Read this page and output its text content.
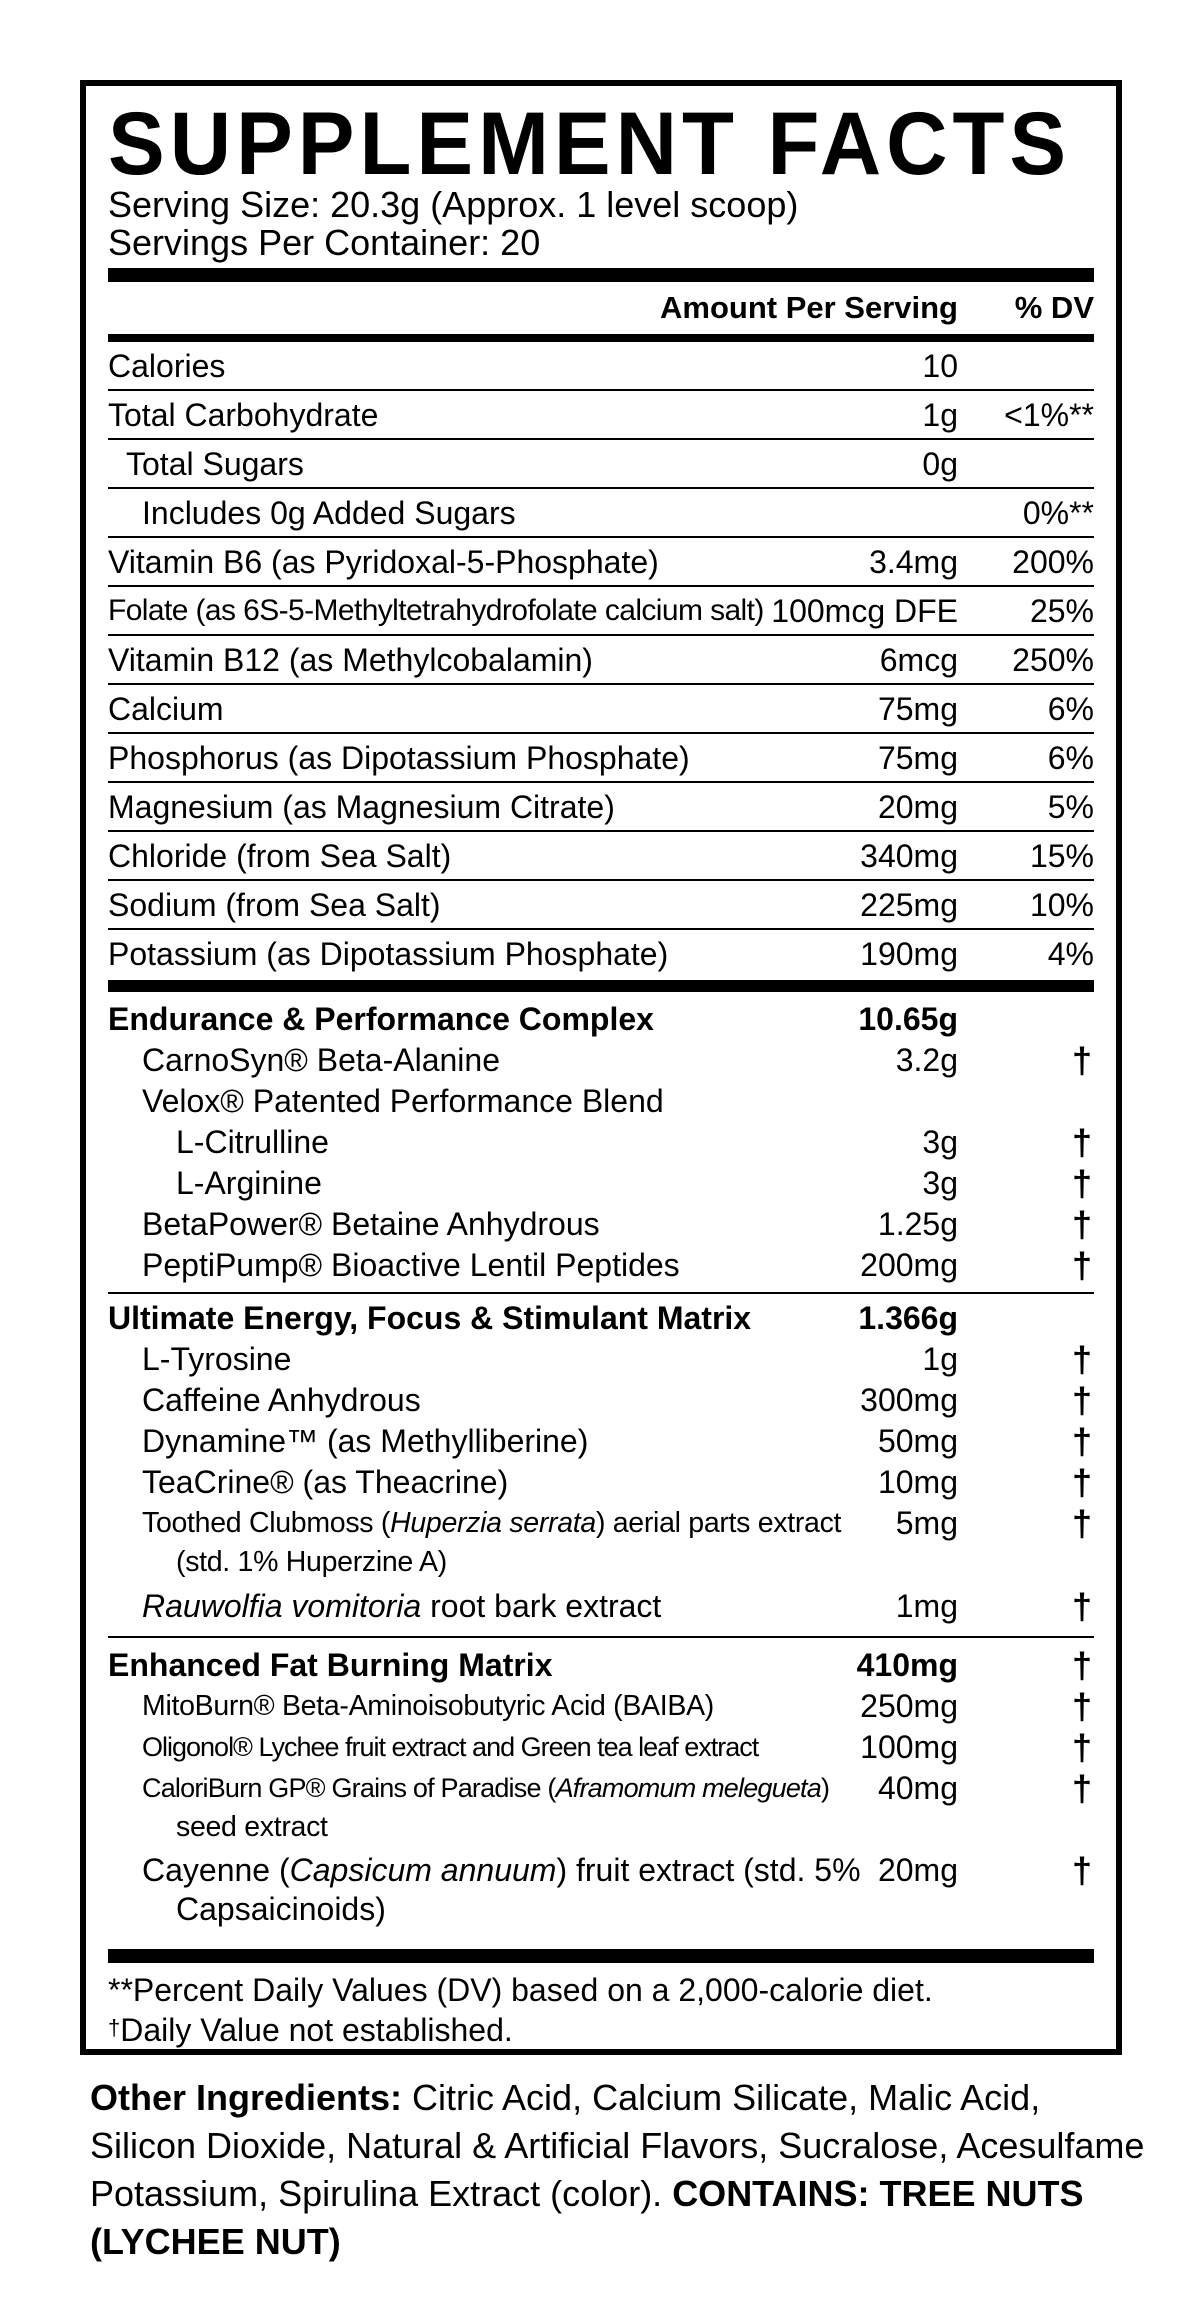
SUPPLEMENT FACTS
Serving Size: 20.3g (Approx. 1 level scoop)
Servings Per Container: 20
Amount Per Serving % DV
Calories	10
Total Carbohydrate	1g <1%**
Total Sugars	0g
Includes 0g Added Sugars	0%**
Vitamin B6 (as Pyridoxal-5-Phosphate)	3.4mg 200%
Folate (as 6S-5-Methyltetrahydrofolate calcium salt) 100mcg DFE 25%
Vitamin B12 (as Methylcobalamin)	6mcg 250%
Calcium	75mg	6%
Phosphorus (as Dipotassium Phosphate)	75mg	6%
Magnesium (as Magnesium Citrate)	20mg	5%
Chloride (from Sea Salt)	340mg 15%
Sodium (from Sea Salt)	225mg 10%
Potassium (as Dipotassium Phosphate)	190mg	4%
Endurance & Performance Complex	10.65g
CarnoSyn® Beta-Alanine	3.2g	†
Velox® Patented Performance Blend
L-Citrulline	3g	†
L-Arginine	3g	†
BetaPower® Betaine Anhydrous	1.25g	†
PeptiPump® Bioactive Lentil Peptides	200mg	†
Ultimate Energy, Focus & Stimulant Matrix	1.366g
L-Tyrosine	1g	†
Caffeine Anhydrous	300mg	†
Dynamine™ (as Methylliberine)	50mg	†
TeaCrine® (as Theacrine)	10mg	†
Toothed Clubmoss (Huperzia serrata) aerial parts extract 5mg	†
(std. 1% Huperzine A)
Rauwolfia vomitoria root bark extract	1mg	†
Enhanced Fat Burning Matrix	410mg	†
MitoBurn® Beta-Aminoisobutyric Acid (BAIBA)	250mg	†
Oligonol® Lychee fruit extract and Green tea leaf extract	100mg	†
CaloriBurn GP® Grains of Paradise (Aframomum melegueta) 40mg	†
seed extract
Cayenne (Capsicum annuum) fruit extract (std. 5% 20mg	†
Capsaicinoids)
**Percent Daily Values (DV) based on a 2,000-calorie diet.
†Daily Value not established.
Other Ingredients: Citric Acid, Calcium Silicate, Malic Acid, Silicon Dioxide, Natural & Artificial Flavors, Sucralose, Acesulfame Potassium, Spirulina Extract (color). CONTAINS: TREE NUTS (LYCHEE NUT)
